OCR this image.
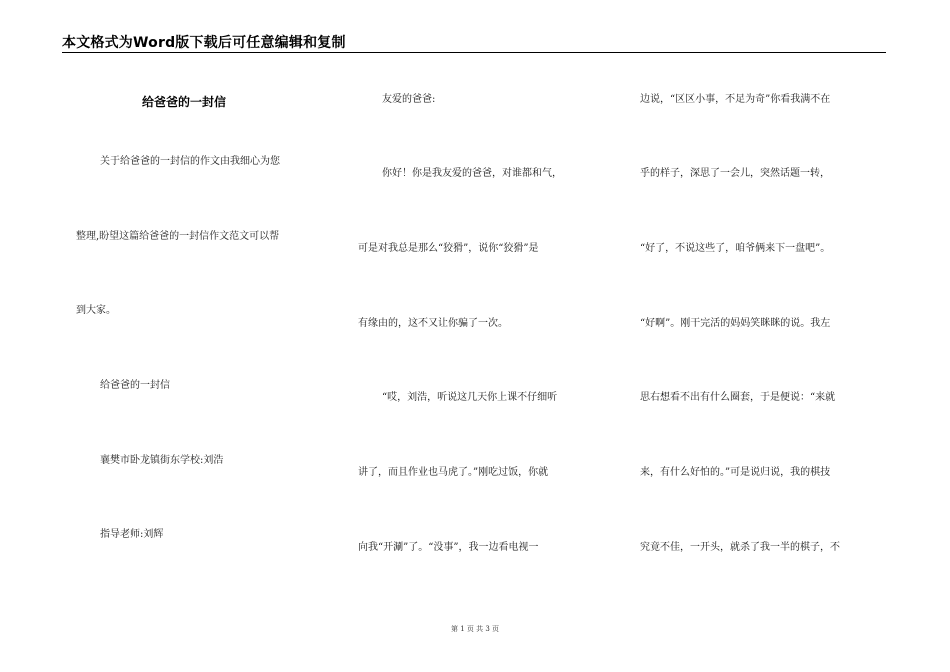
本文格式为Word版下载后可任意编辑和复制
给爸爸的一封信
关于给爸爸的一封信的作文由我细心为您
整理,盼望这篇给爸爸的一封信作文范文可以帮
到大家。
给爸爸的一封信
襄樊市卧龙镇街东学校:刘浩
指导老师:刘辉
友爱的爸爸:
你好！你是我友爱的爸爸，对谁都和气，
可是对我总是那么“狡猾”，说你“狡猾”是
有缘由的，这不又让你骗了一次。
“哎，刘浩，听说这几天你上课不仔细听
讲了，而且作业也马虎了。”刚吃过饭，你就
向我“开涮”了。“没事”，我一边看电视一
边说，“区区小事，不足为奇”你看我满不在
乎的样子，深思了一会儿，突然话题一转，
“好了，不说这些了，咱爷俩来下一盘吧”。
“好啊”。刚干完活的妈妈笑眯眯的说。我左
思右想看不出有什么圈套，于是便说：“来就
来，有什么好怕的。”可是说归说，我的棋技
究竟不佳，一开头，就杀了我一半的棋子，不
第 1 页 共 3 页
